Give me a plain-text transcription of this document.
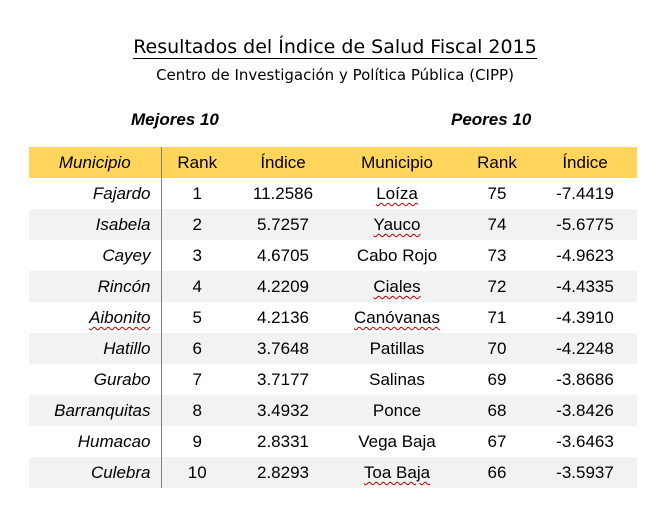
Resultados del Índice de Salud Fiscal 2015
Centro de Investigación y Política Pública (CIPP)
Mejores 10	Peores 10
Municipio	Rank	Índice	Municipio	Rank	Índice
Fajardo	1	11.2586	Loíza	75	-7.4419
Isabela	2	5.7257	Yauco	74	-5.6775
Cayey	3	4.6705	Cabo Rojo	73	-4.9623
Rincón	4	4.2209	Ciales	72	-4.4335
Aibonito	5	4.2136	Canóvanas	71	-4.3910
Hatillo	6	3.7648	Patillas	70	-4.2248
Gurabo	7	3.7177	Salinas	69	-3.8686
Barranquitas	8	3.4932	Ponce	68	-3.8426
Humacao	9	2.8331	Vega Baja	67	-3.6463
Culebra	10	2.8293	Toa Baja	66	-3.5937
